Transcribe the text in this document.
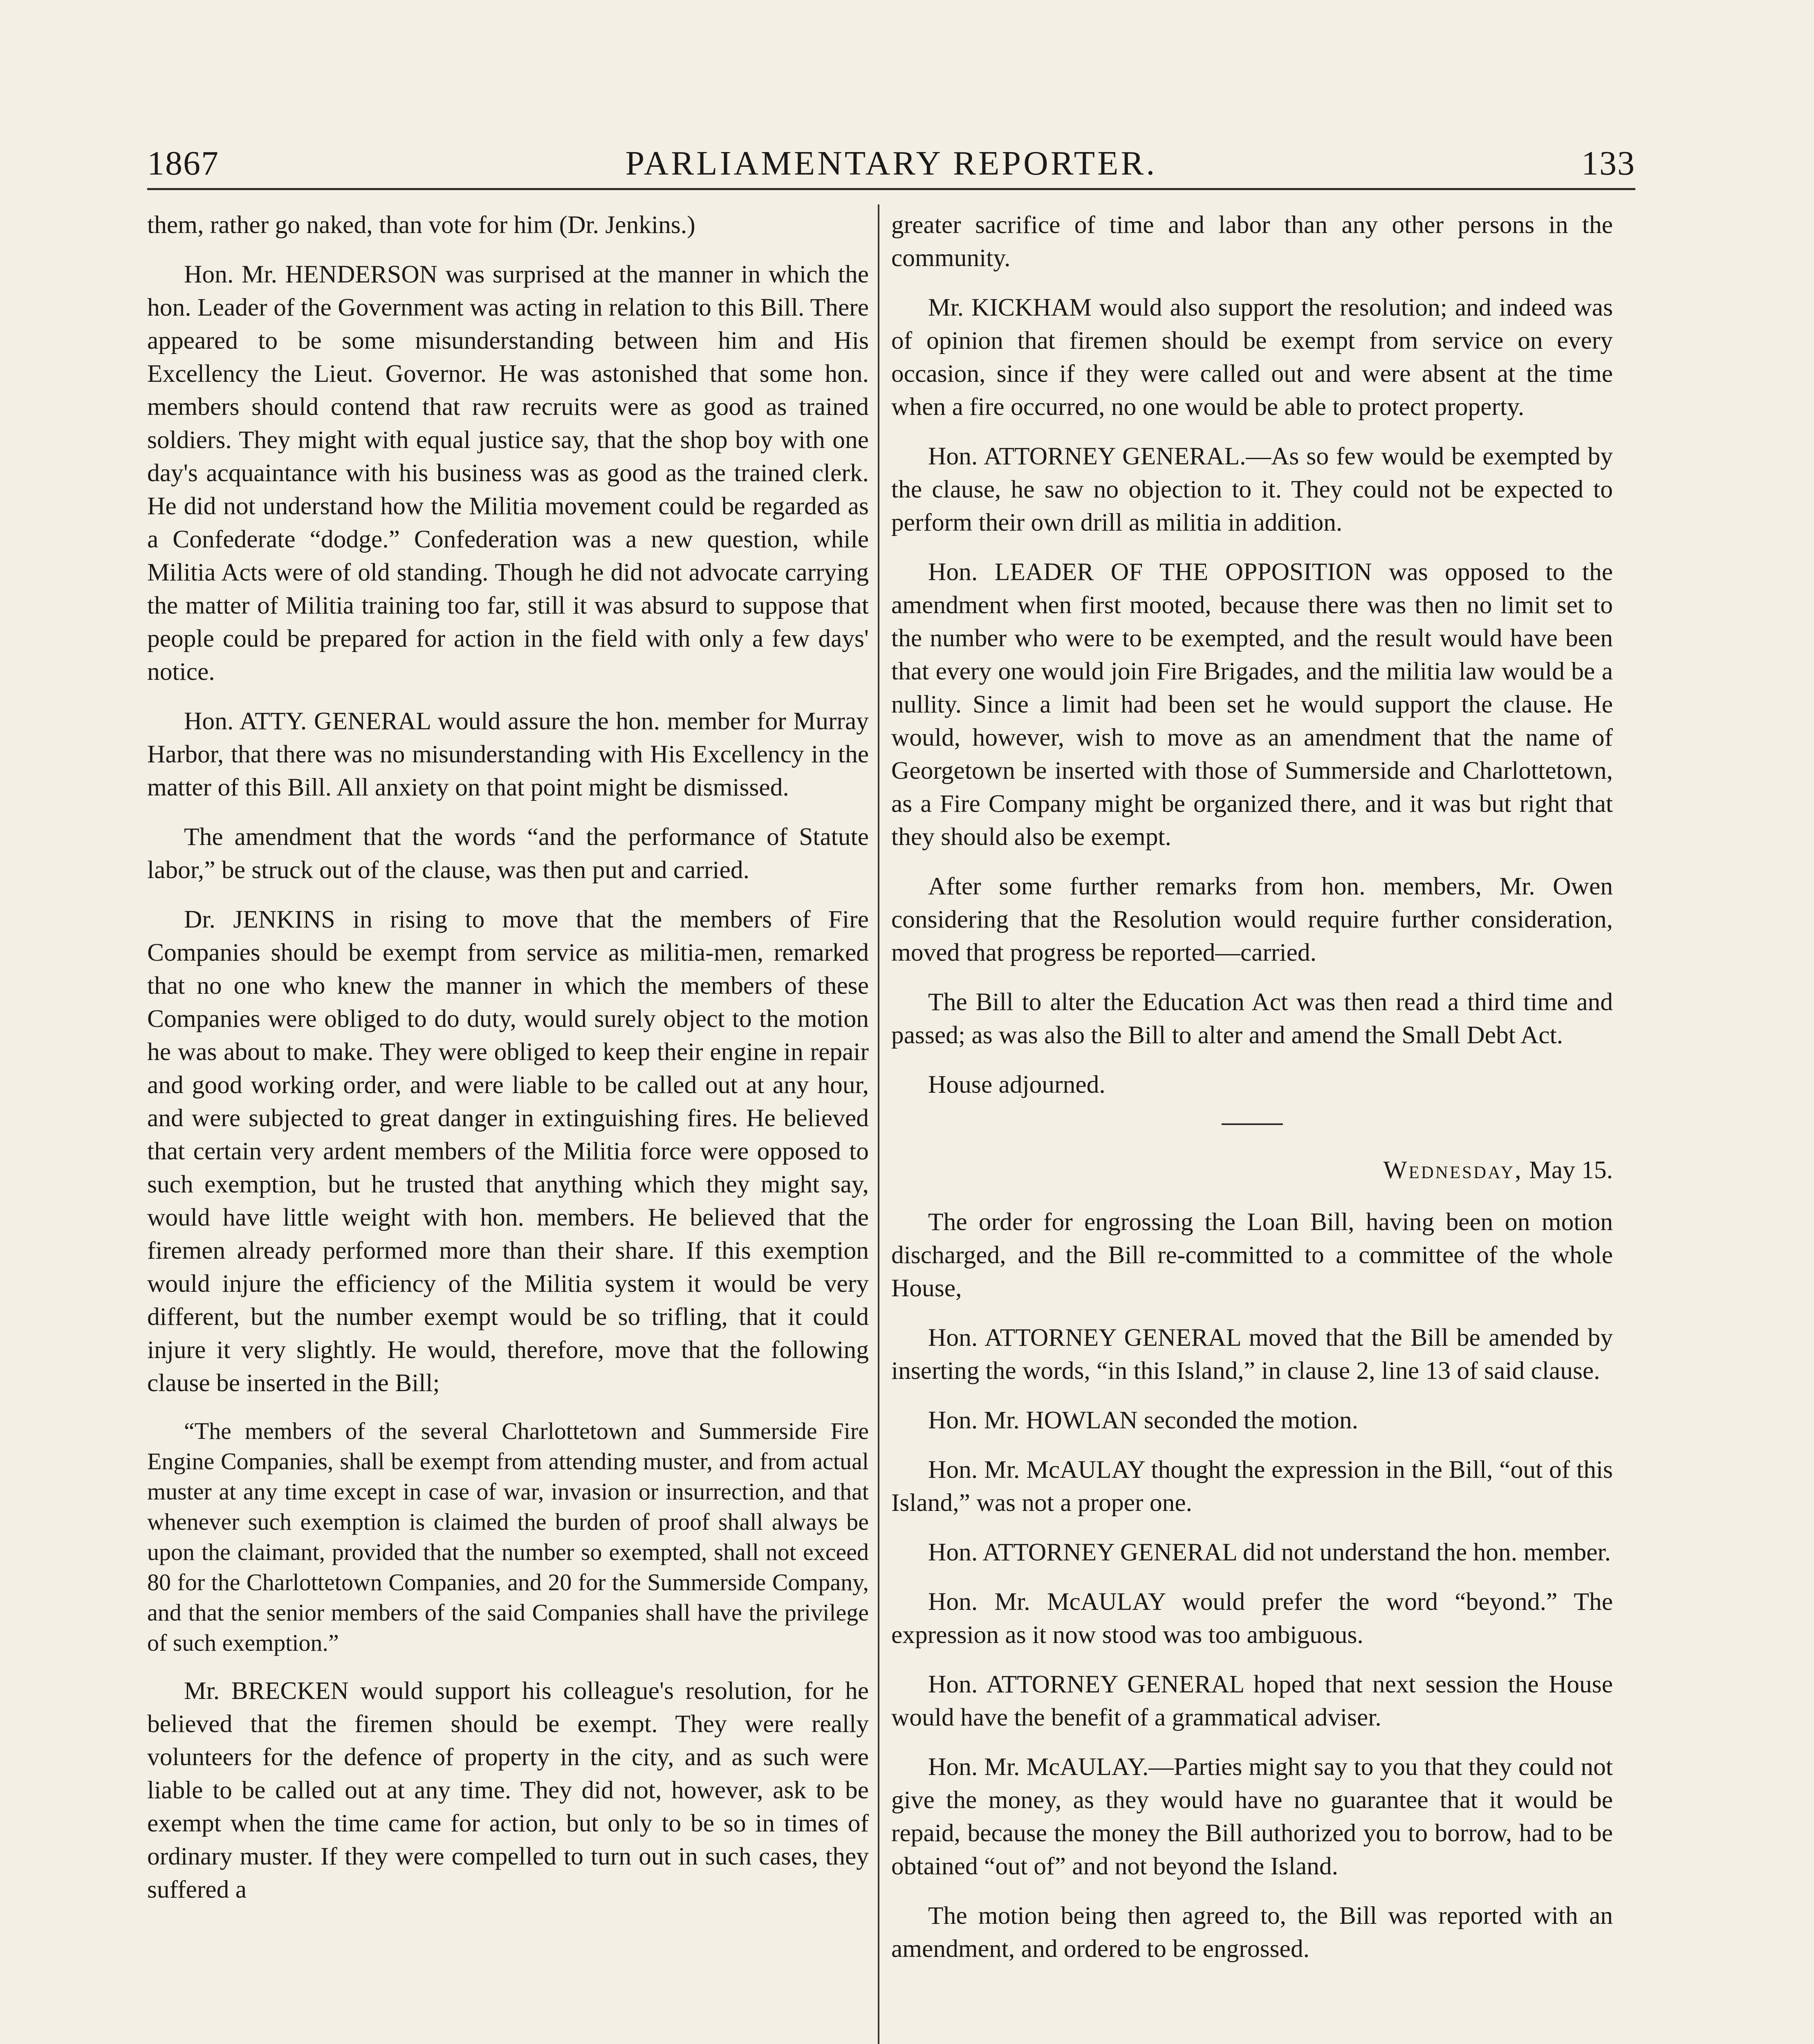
1867	PARLIAMENTARY REPORTER.	133

them, rather go naked, than vote for him (Dr. Jenkins.)

Hon. Mr. HENDERSON was surprised at the manner in which the hon. Leader of the Government was acting in relation to this Bill. There appeared to be some misunderstanding between him and His Excellency the Lieut. Governor. He was astonished that some hon. members should contend that raw recruits were as good as trained soldiers. They might with equal justice say, that the shop boy with one day's acquaintance with his business was as good as the trained clerk. He did not understand how the Militia movement could be regarded as a Confederate “dodge.” Confederation was a new question, while Militia Acts were of old standing. Though he did not advocate carrying the matter of Militia training too far, still it was absurd to suppose that people could be prepared for action in the field with only a few days' notice.

Hon. ATTY. GENERAL would assure the hon. member for Murray Harbor, that there was no misunderstanding with His Excellency in the matter of this Bill. All anxiety on that point might be dismissed.

The amendment that the words “and the performance of Statute labor,” be struck out of the clause, was then put and carried.

Dr. JENKINS in rising to move that the members of Fire Companies should be exempt from service as militia-men, remarked that no one who knew the manner in which the members of these Companies were obliged to do duty, would surely object to the motion he was about to make. They were obliged to keep their engine in repair and good working order, and were liable to be called out at any hour, and were subjected to great danger in extinguishing fires. He believed that certain very ardent members of the Militia force were opposed to such exemption, but he trusted that anything which they might say, would have little weight with hon. members. He believed that the firemen already performed more than their share. If this exemption would injure the efficiency of the Militia system it would be very different, but the number exempt would be so trifling, that it could injure it very slightly. He would, therefore, move that the following clause be inserted in the Bill;

“The members of the several Charlottetown and Summerside Fire Engine Companies, shall be exempt from attending muster, and from actual muster at any time except in case of war, invasion or insurrection, and that whenever such exemption is claimed the burden of proof shall always be upon the claimant, provided that the number so exempted, shall not exceed 80 for the Charlottetown Companies, and 20 for the Summerside Company, and that the senior members of the said Companies shall have the privilege of such exemption.”

Mr. BRECKEN would support his colleague's resolution, for he believed that the firemen should be exempt. They were really volunteers for the defence of property in the city, and as such were liable to be called out at any time. They did not, however, ask to be exempt when the time came for action, but only to be so in times of ordinary muster. If they were compelled to turn out in such cases, they suffered a

greater sacrifice of time and labor than any other persons in the community.

Mr. KICKHAM would also support the resolution; and indeed was of opinion that firemen should be exempt from service on every occasion, since if they were called out and were absent at the time when a fire occurred, no one would be able to protect property.

Hon. ATTORNEY GENERAL.—As so few would be exempted by the clause, he saw no objection to it. They could not be expected to perform their own drill as militia in addition.

Hon. LEADER OF THE OPPOSITION was opposed to the amendment when first mooted, because there was then no limit set to the number who were to be exempted, and the result would have been that every one would join Fire Brigades, and the militia law would be a nullity. Since a limit had been set he would support the clause. He would, however, wish to move as an amendment that the name of Georgetown be inserted with those of Summerside and Charlottetown, as a Fire Company might be organized there, and it was but right that they should also be exempt.

After some further remarks from hon. members, Mr. Owen considering that the Resolution would require further consideration, moved that progress be reported—carried.

The Bill to alter the Education Act was then read a third time and passed; as was also the Bill to alter and amend the Small Debt Act.

House adjourned.

Wednesday, May 15.

The order for engrossing the Loan Bill, having been on motion discharged, and the Bill re-committed to a committee of the whole House,

Hon. ATTORNEY GENERAL moved that the Bill be amended by inserting the words, “in this Island,” in clause 2, line 13 of said clause.

Hon. Mr. HOWLAN seconded the motion.

Hon. Mr. McAULAY thought the expression in the Bill, “out of this Island,” was not a proper one.

Hon. ATTORNEY GENERAL did not understand the hon. member.

Hon. Mr. McAULAY would prefer the word “beyond.” The expression as it now stood was too ambiguous.

Hon. ATTORNEY GENERAL hoped that next session the House would have the benefit of a grammatical adviser.

Hon. Mr. McAULAY.—Parties might say to you that they could not give the money, as they would have no guarantee that it would be repaid, because the money the Bill authorized you to borrow, had to be obtained “out of” and not beyond the Island.

The motion being then agreed to, the Bill was reported with an amendment, and ordered to be engrossed.
